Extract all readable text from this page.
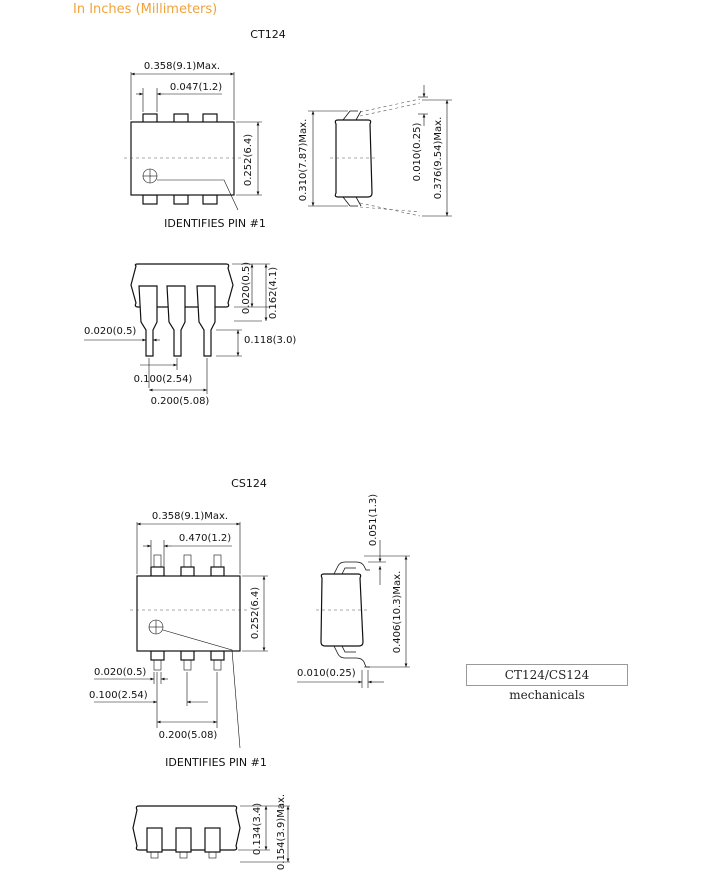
In Inches (Millimeters)
CT124/CS124 mechanicals
CT124
0.358(9.1)Max.
0.047(1.2)
0.252(6.4)
IDENTIFIES PIN #1
0.310(7.87)Max.	0.010(0.25) 0.376(9.54)Max.
0.020(0.5) 0.162(4.1)
0.118(3.0)
0.020(0.5)
0.100(2.54)
0.200(5.08)
CS124
0.358(9.1)Max.
0.470(1.2)
0.252(6.4)
0.020(0.5)
0.100(2.54)
0.200(5.08)
IDENTIFIES PIN #1
0.051(1.3)
0.406(10.3)Max.
0.010(0.25)
0.134(3.4) 0.154(3.9)Max.
